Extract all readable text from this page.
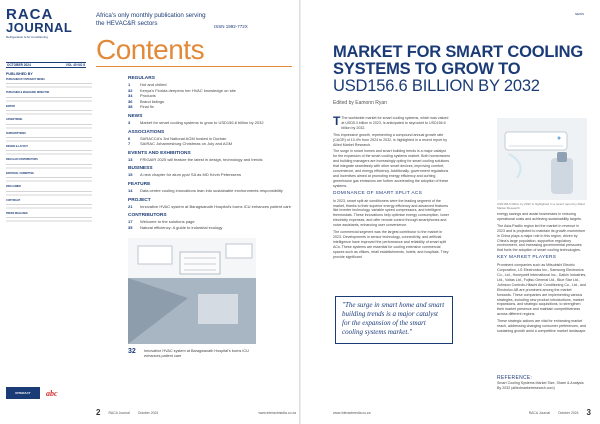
RACA
JOURNAL
Refrigeration & Air Conditioning
OCTOBER 2024	VOL 40 NO 8
Africa's only monthly publication serving the HEVAC&R sectors	ISSN 1992-772X
Contents
PUBLISHED BY
PUBLISHED BY INTERACT MEDIA
PUBLISHER & MANAGING DIRECTOR
EDITOR
ADVERTISING
SUBSCRIPTIONS
DESIGN & LAYOUT
REGULAR CONTRIBUTORS
EDITORIAL COMMITTEE
DISCLAIMER
COPYRIGHT
PRESS RELEASES
INTERACT	abc
REGULARS
1	Hot and chilled
32	Kenya's Florida deepens her HVAC knowledge on site
34	Products
36	Brand listings
38	Final fix
NEWS
3	Market for smart cooling systems to grow to USD156.6 billion by 2032
ASSOCIATIONS
6	SARACCA's 3rd National AGM hosted in Durban
7	SAIRAC Johannesburg Christmas on July and AGM
EVENTS AND EXHIBITIONS
13	FRIGAIR 2025 will feature the latest in design, technology and trends
BUSINESS
15	A new chapter for alum ppa! SA as MD Kevin Peterssens
FEATURE
14	Data centre cooling innovations lean into sustainable environments responsibility
PROJECT
21	Innovative HVAC system at Baragwanath Hospital's burns ICU enhances patient care
CONTRIBUTORS
17	Welcome to the solutions page
35	Natural efficiency: A guide to industrial ecology
32 Innovative HVAC system at Baragwanath Hospital's burns ICU enhances patient care
2 RACA Journal October 2024	www.interactmedia.co.za
NEWS
MARKET FOR SMART COOLING
SYSTEMS TO GROW TO
USD156.6 BILLION BY 2032
Edited by Eamonn Ryan

T The worldwide market for smart cooling systems, which was valued at USD5.3 billion in 2023, is anticipated to skyrocket to USD156.6 billion by 2032.

This impressive growth, representing a compound annual growth rate (CAGR) of 10.4% from 2024 to 2032, is highlighted in a recent report by Allied Market Research.

The surge in smart homes and smart building trends is a major catalyst for the expansion of the smart cooling systems market. Both homeowners and building managers are increasingly opting for smart cooling solutions that integrate seamlessly with other smart devices, improving comfort, convenience, and energy efficiency. Additionally, government regulations and incentives aimed at promoting energy efficiency and curbing greenhouse gas emissions are further accelerating the adoption of these systems.

DOMINANCE OF SMART SPLIT ACS

In 2023, smart split air conditioners were the leading segment of the market, thanks to their superior energy efficiency and advanced features like inverter technology, variable speed compressors, and intelligent thermostats. These innovations help optimise energy consumption, lower electricity expenses, and offer remote control through smartphones and voice assistants, enhancing user convenience.

The commercial segment was the largest contributor to the market in 2023. Developments in sensor technology, connectivity, and artificial intelligence have improved the performance and reliability of smart split ACs. These systems are essential for cooling extensive commercial spaces such as offices, retail establishments, hotels, and hospitals. They provide significant

"The surge in smart home and smart building trends is a major catalyst for the expansion of the smart cooling systems market."
USD156.6 billion by 2032 is highlighted in a recent report by Allied Market Research

energy savings and assist businesses in reducing operational costs and achieving sustainability targets.

The Asia-Pacific region led the market in revenue in 2023 and is projected to maintain its growth momentum in China plays a major role in this region, driven by China's large population, supportive regulatory environment, and increasing governmental pressures that fuels the adoption of smart cooling technologies.

KEY MARKET PLAYERS

Prominent companies such as Mitsubishi Electric Corporation, LG Electronics Inc., Samsung Electronics Co., Ltd., Honeywell International Inc., Daikin Industries, Ltd., Voltas Ltd., Fujitsu General Ltd., Blue Star Ltd., Johnson Controls-Hitachi Air Conditioning Co., Ltd., and Electrolux AB are prominent among the market forwards. These companies are implementing various strategies, including new product introductions, market expansions, and strategic acquisitions, to strengthen their market presence and maintain competitiveness across different regions.

These strategic actions are vital for enhancing market reach, addressing changing consumer preferences, and sustaining growth amid a competitive market landscape.

REFERENCE:
Smart Cooling Systems Market Size, Share & Analysis By 2032 (alliedmarketresearch.com)
www.interactmedia.co.za	RACA Journal October 2024 3
